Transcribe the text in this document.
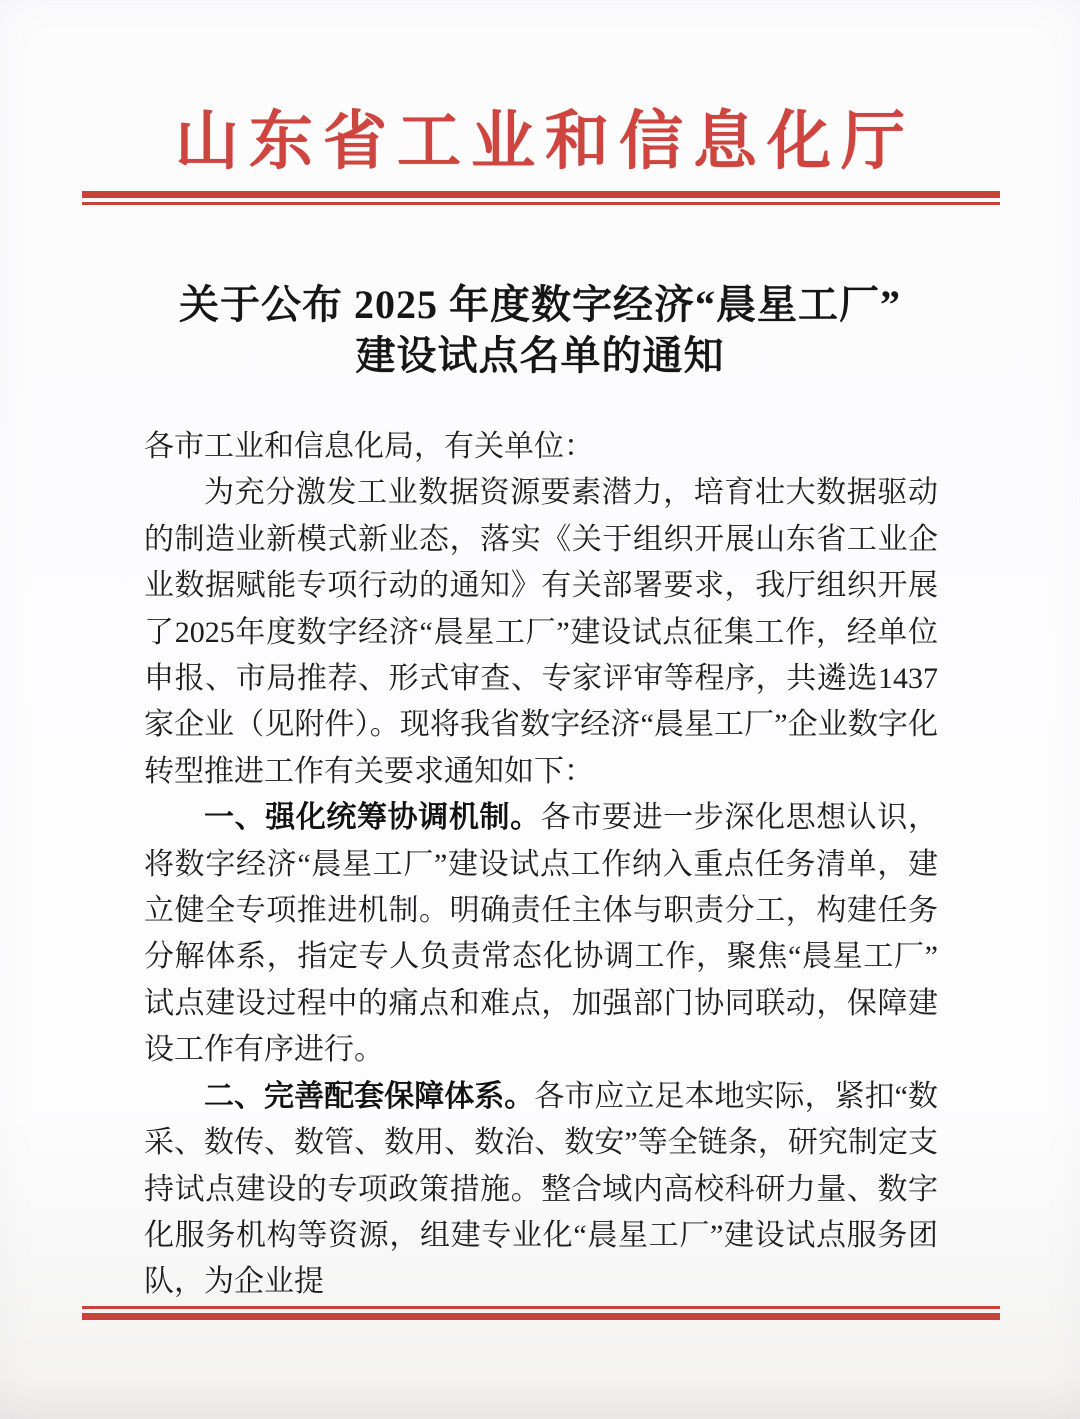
山东省工业和信息化厅
关于公布 2025 年度数字经济“晨星工厂”
建设试点名单的通知

各市工业和信息化局，有关单位：

为充分激发工业数据资源要素潜力，培育壮大数据驱动的制造业新模式新业态，落实《关于组织开展山东省工业企业数据赋能专项行动的通知》有关部署要求，我厅组织开展了2025年度数字经济“晨星工厂”建设试点征集工作，经单位申报、市局推荐、形式审查、专家评审等程序，共遴选1437家企业（见附件）。现将我省数字经济“晨星工厂”企业数字化转型推进工作有关要求通知如下：

一、强化统筹协调机制。各市要进一步深化思想认识，将数字经济“晨星工厂”建设试点工作纳入重点任务清单，建立健全专项推进机制。明确责任主体与职责分工，构建任务分解体系，指定专人负责常态化协调工作，聚焦“晨星工厂”试点建设过程中的痛点和难点，加强部门协同联动，保障建设工作有序进行。

二、完善配套保障体系。各市应立足本地实际，紧扣“数采、数传、数管、数用、数治、数安”等全链条，研究制定支持试点建设的专项政策措施。整合域内高校科研力量、数字化服务机构等资源，组建专业化“晨星工厂”建设试点服务团队，为企业提
